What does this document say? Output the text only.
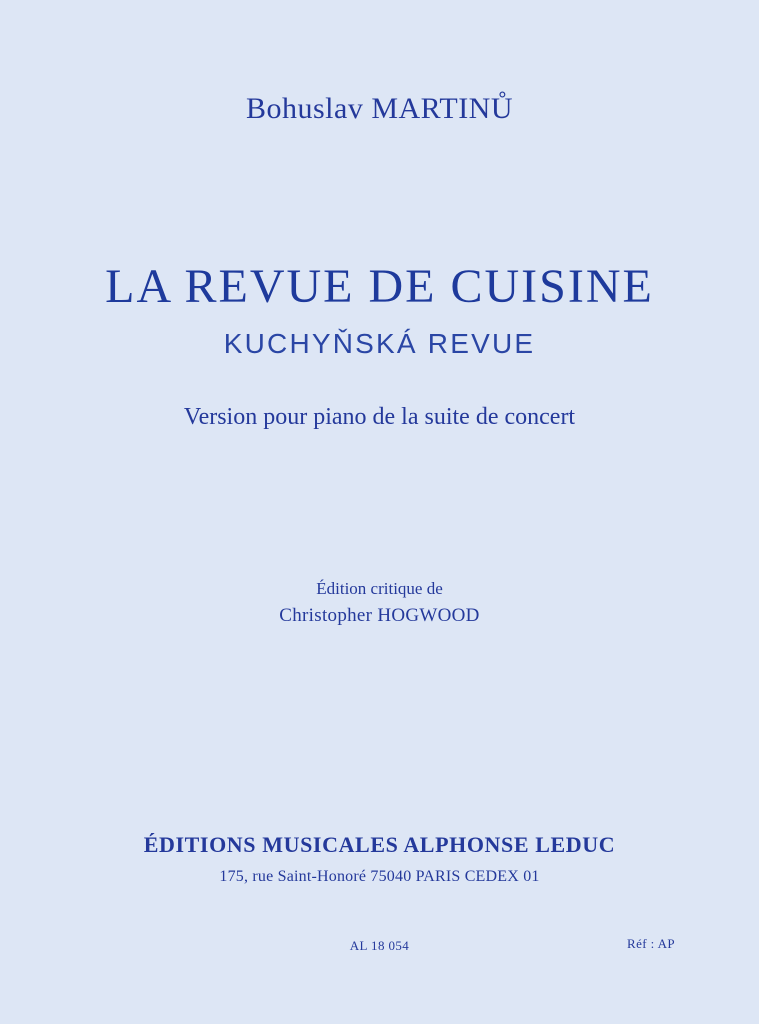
Bohuslav MARTINŮ
LA REVUE DE CUISINE
KUCHYŇSKÁ REVUE
Version pour piano de la suite de concert
Édition critique de
Christopher HOGWOOD
ÉDITIONS MUSICALES ALPHONSE LEDUC
175, rue Saint-Honoré 75040 PARIS CEDEX 01
AL 18 054	Réf : AP
